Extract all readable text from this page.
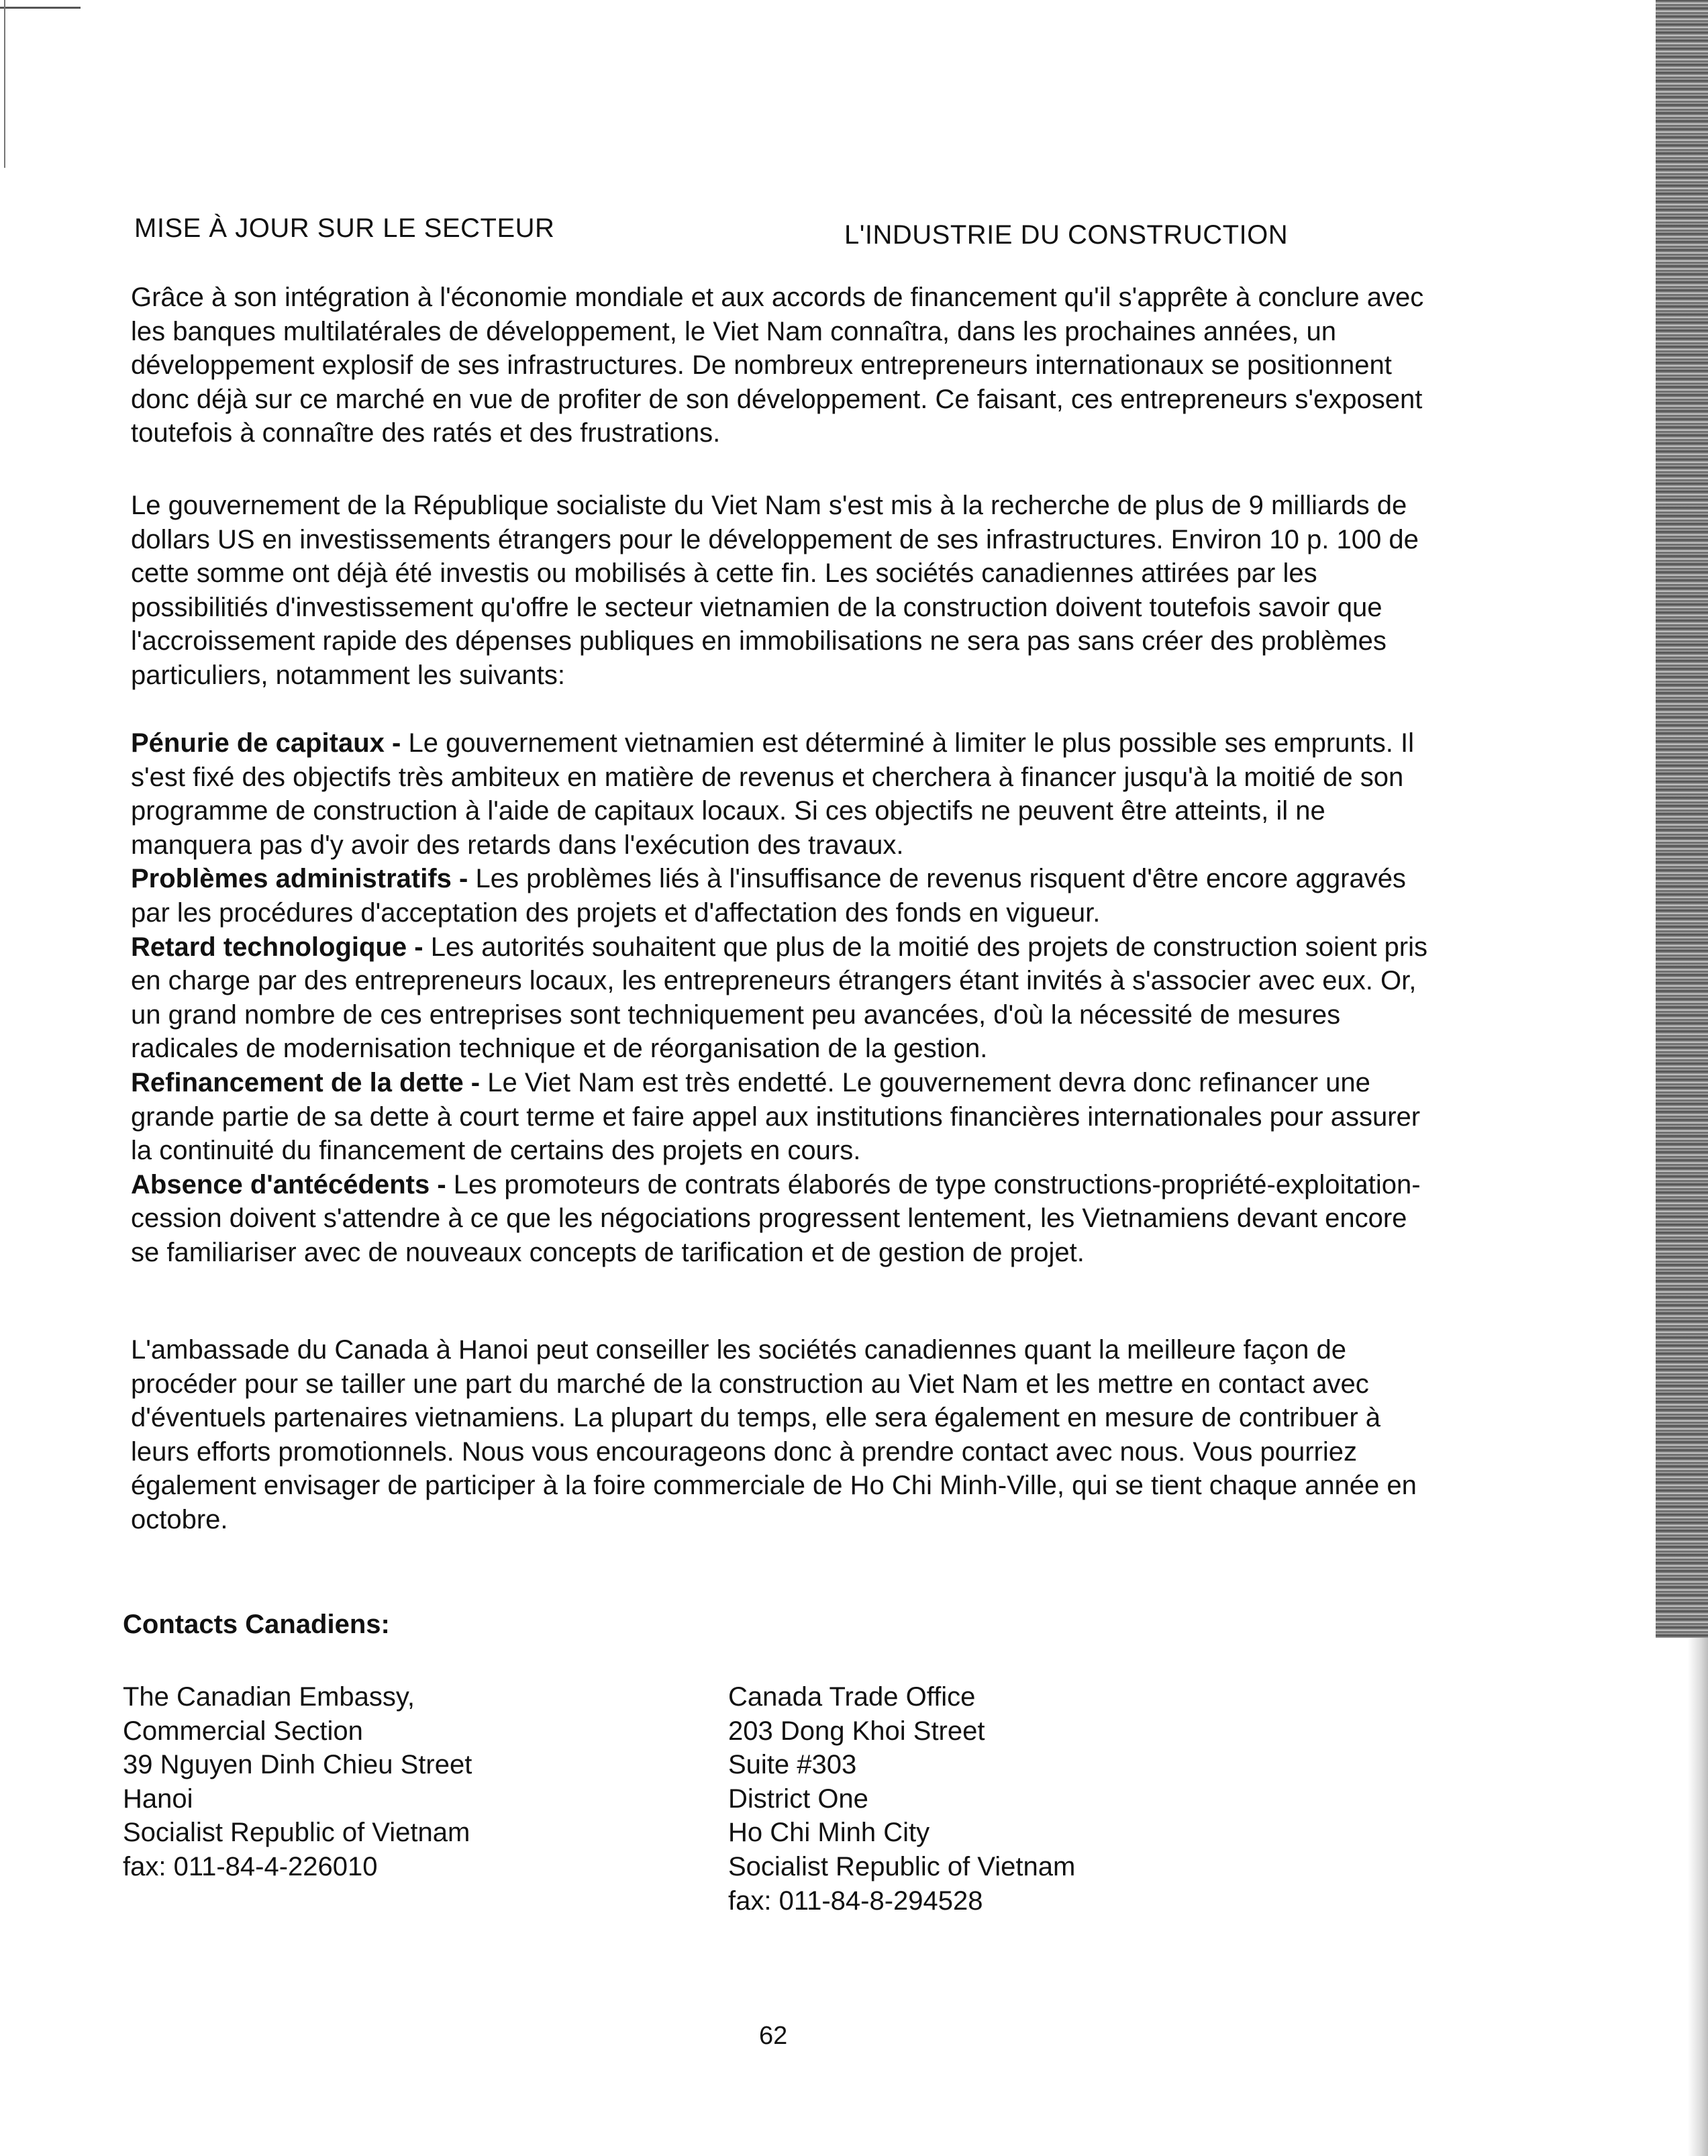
MISE À JOUR SUR LE SECTEUR	L'INDUSTRIE DU CONSTRUCTION
Grâce à son intégration à l'économie mondiale et aux accords de financement qu'il s'apprête à conclure avec les banques multilatérales de développement, le Viet Nam connaîtra, dans les prochaines années, un développement explosif de ses infrastructures. De nombreux entrepreneurs internationaux se positionnent donc déjà sur ce marché en vue de profiter de son développement. Ce faisant, ces entrepreneurs s'exposent toutefois à connaître des ratés et des frustrations.
Le gouvernement de la République socialiste du Viet Nam s'est mis à la recherche de plus de 9 milliards de dollars US en investissements étrangers pour le développement de ses infrastructures. Environ 10 p. 100 de cette somme ont déjà été investis ou mobilisés à cette fin. Les sociétés canadiennes attirées par les possibilitiés d'investissement qu'offre le secteur vietnamien de la construction doivent toutefois savoir que l'accroissement rapide des dépenses publiques en immobilisations ne sera pas sans créer des problèmes particuliers, notamment les suivants:
Pénurie de capitaux - Le gouvernement vietnamien est déterminé à limiter le plus possible ses emprunts. Il s'est fixé des objectifs très ambiteux en matière de revenus et cherchera à financer jusqu'à la moitié de son programme de construction à l'aide de capitaux locaux. Si ces objectifs ne peuvent être atteints, il ne manquera pas d'y avoir des retards dans l'exécution des travaux.
Problèmes administratifs - Les problèmes liés à l'insuffisance de revenus risquent d'être encore aggravés par les procédures d'acceptation des projets et d'affectation des fonds en vigueur.
Retard technologique - Les autorités souhaitent que plus de la moitié des projets de construction soient pris en charge par des entrepreneurs locaux, les entrepreneurs étrangers étant invités à s'associer avec eux. Or, un grand nombre de ces entreprises sont techniquement peu avancées, d'où la nécessité de mesures radicales de modernisation technique et de réorganisation de la gestion.
Refinancement de la dette - Le Viet Nam est très endetté. Le gouvernement devra donc refinancer une grande partie de sa dette à court terme et faire appel aux institutions financières internationales pour assurer la continuité du financement de certains des projets en cours.
Absence d'antécédents - Les promoteurs de contrats élaborés de type constructions-propriété-exploitation-cession doivent s'attendre à ce que les négociations progressent lentement, les Vietnamiens devant encore se familiariser avec de nouveaux concepts de tarification et de gestion de projet.
L'ambassade du Canada à Hanoi peut conseiller les sociétés canadiennes quant la meilleure façon de procéder pour se tailler une part du marché de la construction au Viet Nam et les mettre en contact avec d'éventuels partenaires vietnamiens. La plupart du temps, elle sera également en mesure de contribuer à leurs efforts promotionnels. Nous vous encourageons donc à prendre contact avec nous. Vous pourriez également envisager de participer à la foire commerciale de Ho Chi Minh-Ville, qui se tient chaque année en octobre.
Contacts Canadiens:
The Canadian Embassy,
Commercial Section
39 Nguyen Dinh Chieu Street
Hanoi
Socialist Republic of Vietnam
fax: 011-84-4-226010
Canada Trade Office
203 Dong Khoi Street
Suite #303
District One
Ho Chi Minh City
Socialist Republic of Vietnam
fax: 011-84-8-294528
62
